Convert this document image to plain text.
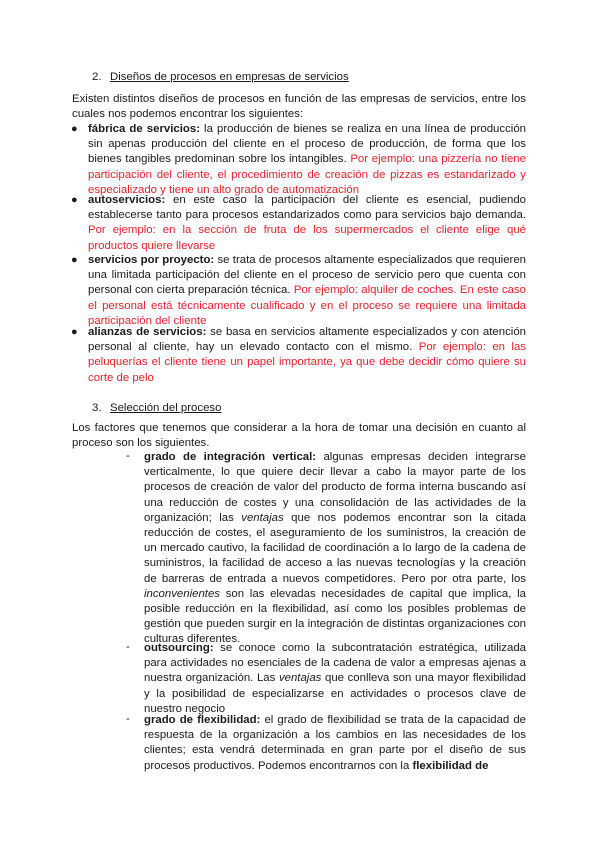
2. Diseños de procesos en empresas de servicios
Existen distintos diseños de procesos en función de las empresas de servicios, entre los cuales nos podemos encontrar los siguientes:
● fábrica de servicios: la producción de bienes se realiza en una línea de producción sin apenas producción del cliente en el proceso de producción, de forma que los bienes tangibles predominan sobre los intangibles. Por ejemplo: una pizzería no tiene participación del cliente, el procedimiento de creación de pizzas es estandarizado y especializado y tiene un alto grado de automatización
● autoservicios: en este caso la participación del cliente es esencial, pudiendo establecerse tanto para procesos estandarizados como para servicios bajo demanda. Por ejemplo: en la sección de fruta de los supermercados el cliente elige qué productos quiere llevarse
● servicios por proyecto: se trata de procesos altamente especializados que requieren una limitada participación del cliente en el proceso de servicio pero que cuenta con personal con cierta preparación técnica. Por ejemplo: alquiler de coches. En este caso el personal está técnicamente cualificado y en el proceso se requiere una limitada participación del cliente
● alianzas de servicios: se basa en servicios altamente especializados y con atención personal al cliente, hay un elevado contacto con el mismo. Por ejemplo: en las peluquerías el cliente tiene un papel importante, ya que debe decidir cómo quiere su corte de pelo
3. Selección del proceso
Los factores que tenemos que considerar a la hora de tomar una decisión en cuanto al proceso son los siguientes.
- grado de integración vertical: algunas empresas deciden integrarse verticalmente, lo que quiere decir llevar a cabo la mayor parte de los procesos de creación de valor del producto de forma interna buscando así una reducción de costes y una consolidación de las actividades de la organización; las ventajas que nos podemos encontrar son la citada reducción de costes, el aseguramiento de los suministros, la creación de un mercado cautivo, la facilidad de coordinación a lo largo de la cadena de suministros, la facilidad de acceso a las nuevas tecnologías y la creación de barreras de entrada a nuevos competidores. Pero por otra parte, los inconvenientes son las elevadas necesidades de capital que implica, la posible reducción en la flexibilidad, así como los posibles problemas de gestión que pueden surgir en la integración de distintas organizaciones con culturas diferentes.
- outsourcing: se conoce como la subcontratación estratégica, utilizada para actividades no esenciales de la cadena de valor a empresas ajenas a nuestra organización. Las ventajas que conlleva son una mayor flexibilidad y la posibilidad de especializarse en actividades o procesos clave de nuestro negocio
- grado de flexibilidad: el grado de flexibilidad se trata de la capacidad de respuesta de la organización a los cambios en las necesidades de los clientes; esta vendrá determinada en gran parte por el diseño de sus procesos productivos. Podemos encontrarnos con la flexibilidad de
